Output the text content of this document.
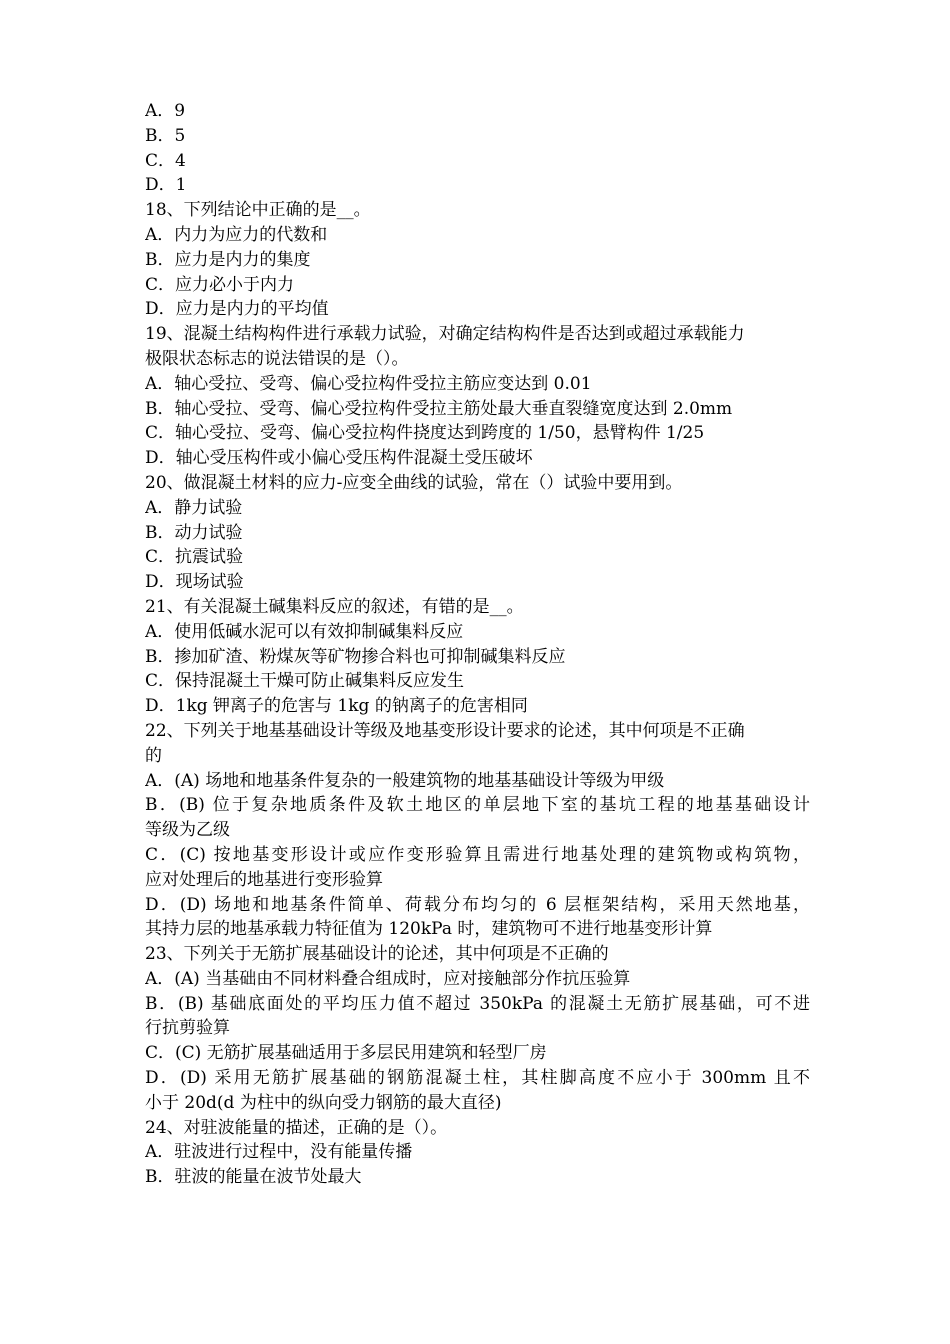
A．9
B．5
C．4
D．1
18、下列结论中正确的是__。
A．内力为应力的代数和
B．应力是内力的集度
C．应力必小于内力
D．应力是内力的平均值
19、混凝土结构构件进行承载力试验，对确定结构构件是否达到或超过承载能力
极限状态标志的说法错误的是（）。
A．轴心受拉、受弯、偏心受拉构件受拉主筋应变达到 0.01
B．轴心受拉、受弯、偏心受拉构件受拉主筋处最大垂直裂缝宽度达到 2.0mm
C．轴心受拉、受弯、偏心受拉构件挠度达到跨度的 1/50，悬臂构件 1/25
D．轴心受压构件或小偏心受压构件混凝土受压破坏
20、做混凝土材料的应力-应变全曲线的试验，常在（）试验中要用到。
A．静力试验
B．动力试验
C．抗震试验
D．现场试验
21、有关混凝土碱集料反应的叙述，有错的是__。
A．使用低碱水泥可以有效抑制碱集料反应
B．掺加矿渣、粉煤灰等矿物掺合料也可抑制碱集料反应
C．保持混凝土干燥可防止碱集料反应发生
D．1kg 钾离子的危害与 1kg 的钠离子的危害相同
22、下列关于地基基础设计等级及地基变形设计要求的论述，其中何项是不正确
的
A．(A) 场地和地基条件复杂的一般建筑物的地基基础设计等级为甲级
B．(B) 位于复杂地质条件及软土地区的单层地下室的基坑工程的地基基础设计
等级为乙级
C．(C) 按地基变形设计或应作变形验算且需进行地基处理的建筑物或构筑物，
应对处理后的地基进行变形验算
D．(D) 场地和地基条件简单、荷载分布均匀的 6 层框架结构，采用天然地基，
其持力层的地基承载力特征值为 120kPa 时，建筑物可不进行地基变形计算
23、下列关于无筋扩展基础设计的论述，其中何项是不正确的
A．(A) 当基础由不同材料叠合组成时，应对接触部分作抗压验算
B．(B) 基础底面处的平均压力值不超过 350kPa 的混凝土无筋扩展基础，可不进
行抗剪验算
C．(C) 无筋扩展基础适用于多层民用建筑和轻型厂房
D．(D) 采用无筋扩展基础的钢筋混凝土柱，其柱脚高度不应小于 300mm 且不
小于 20d(d 为柱中的纵向受力钢筋的最大直径)
24、对驻波能量的描述，正确的是（）。
A．驻波进行过程中，没有能量传播
B．驻波的能量在波节处最大
